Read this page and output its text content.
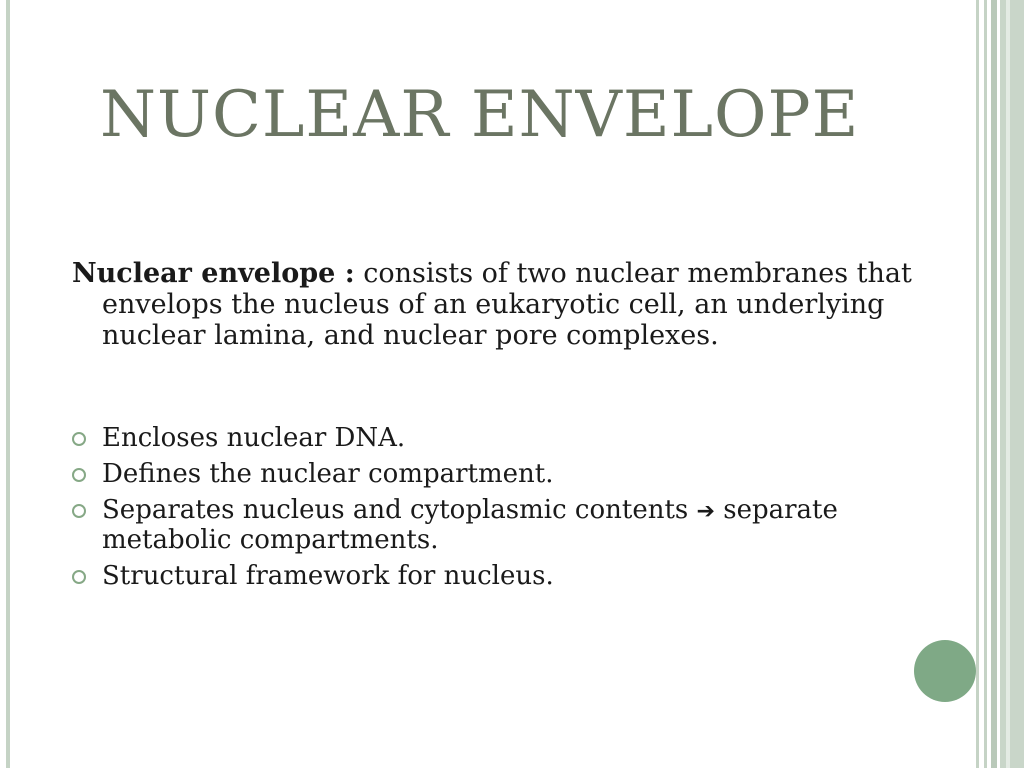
NUCLEAR ENVELOPE

Nuclear envelope : consists of two nuclear membranes that envelops the nucleus of an eukaryotic cell, an underlying nuclear lamina, and nuclear pore complexes.

Encloses nuclear DNA.
Defines the nuclear compartment.
Separates nucleus and cytoplasmic contents ➔ separate metabolic compartments.
Structural framework for nucleus.
